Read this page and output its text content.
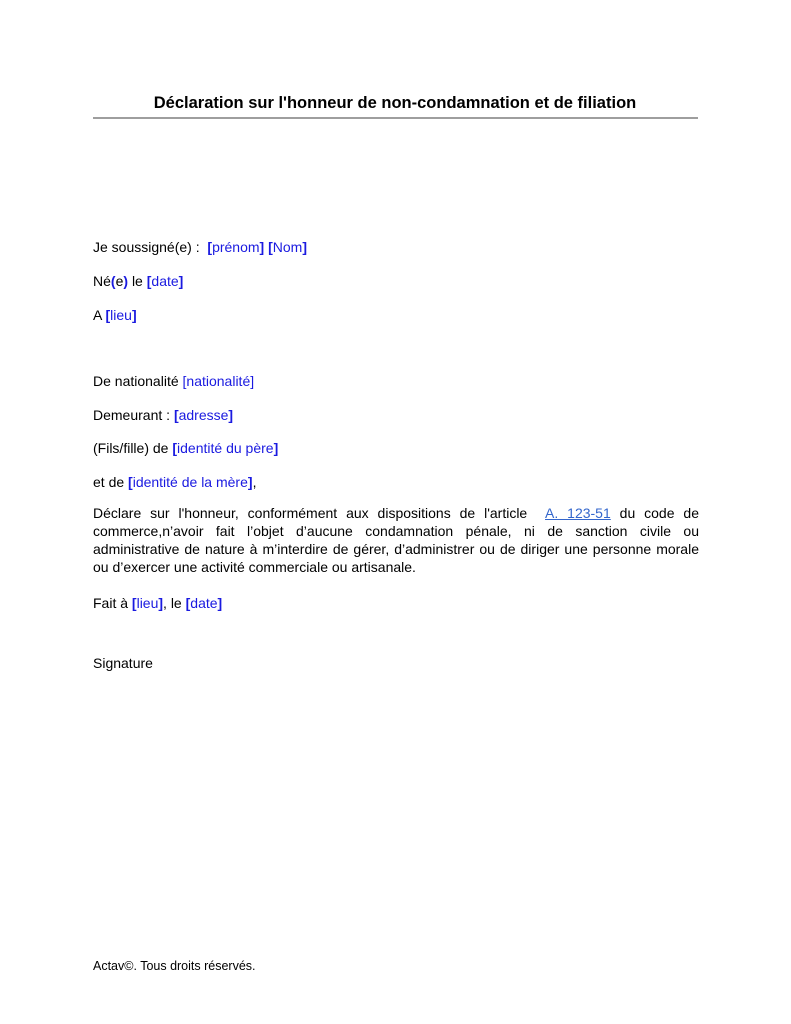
Déclaration sur l'honneur de non-condamnation et de filiation
Je soussigné(e) : [prénom] [Nom]
Né(e) le [date]
A [lieu]
De nationalité [nationalité]
Demeurant : [adresse]
(Fils/fille) de [identité du père]
et de [identité de la mère],
Déclare sur l'honneur, conformément aux dispositions de l'article A. 123-51 du code de commerce,n’avoir fait l’objet d’aucune condamnation pénale, ni de sanction civile ou administrative de nature à m’interdire de gérer, d’administrer ou de diriger une personne morale ou d’exercer une activité commerciale ou artisanale.
Fait à [lieu], le [date]
Signature
Actav©. Tous droits réservés.
